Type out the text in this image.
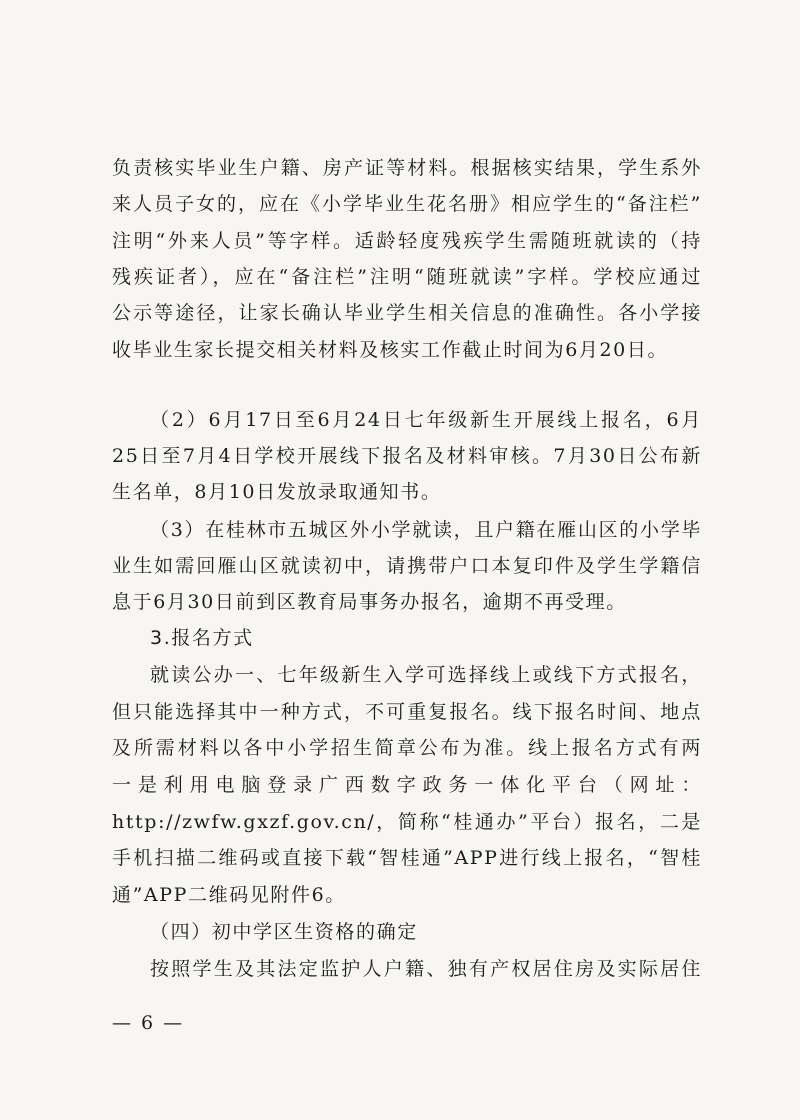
负责核实毕业生户籍、房产证等材料。根据核实结果，学生系外
来人员子女的，应在《小学毕业生花名册》相应学生的“备注栏”
注明“外来人员”等字样。适龄轻度残疾学生需随班就读的（持
残疾证者），应在“备注栏”注明“随班就读”字样。学校应通过
公示等途径，让家长确认毕业学生相关信息的准确性。各小学接
收毕业生家长提交相关材料及核实工作截止时间为6月20日。
（2）6月17日至6月24日七年级新生开展线上报名，6月
25日至7月4日学校开展线下报名及材料审核。7月30日公布新
生名单，8月10日发放录取通知书。
（3）在桂林市五城区外小学就读，且户籍在雁山区的小学毕
业生如需回雁山区就读初中，请携带户口本复印件及学生学籍信
息于6月30日前到区教育局事务办报名，逾期不再受理。
3.报名方式
就读公办一、七年级新生入学可选择线上或线下方式报名，
但只能选择其中一种方式，不可重复报名。线下报名时间、地点
及所需材料以各中小学招生简章公布为准。线上报名方式有两
一是利用电脑登录广西数字政务一体化平台（网址：
http://zwfw.gxzf.gov.cn/，简称“桂通办”平台）报名，二是
手机扫描二维码或直接下载“智桂通”APP进行线上报名，“智桂
通”APP二维码见附件6。
（四）初中学区生资格的确定
按照学生及其法定监护人户籍、独有产权居住房及实际居住
— 6 —
